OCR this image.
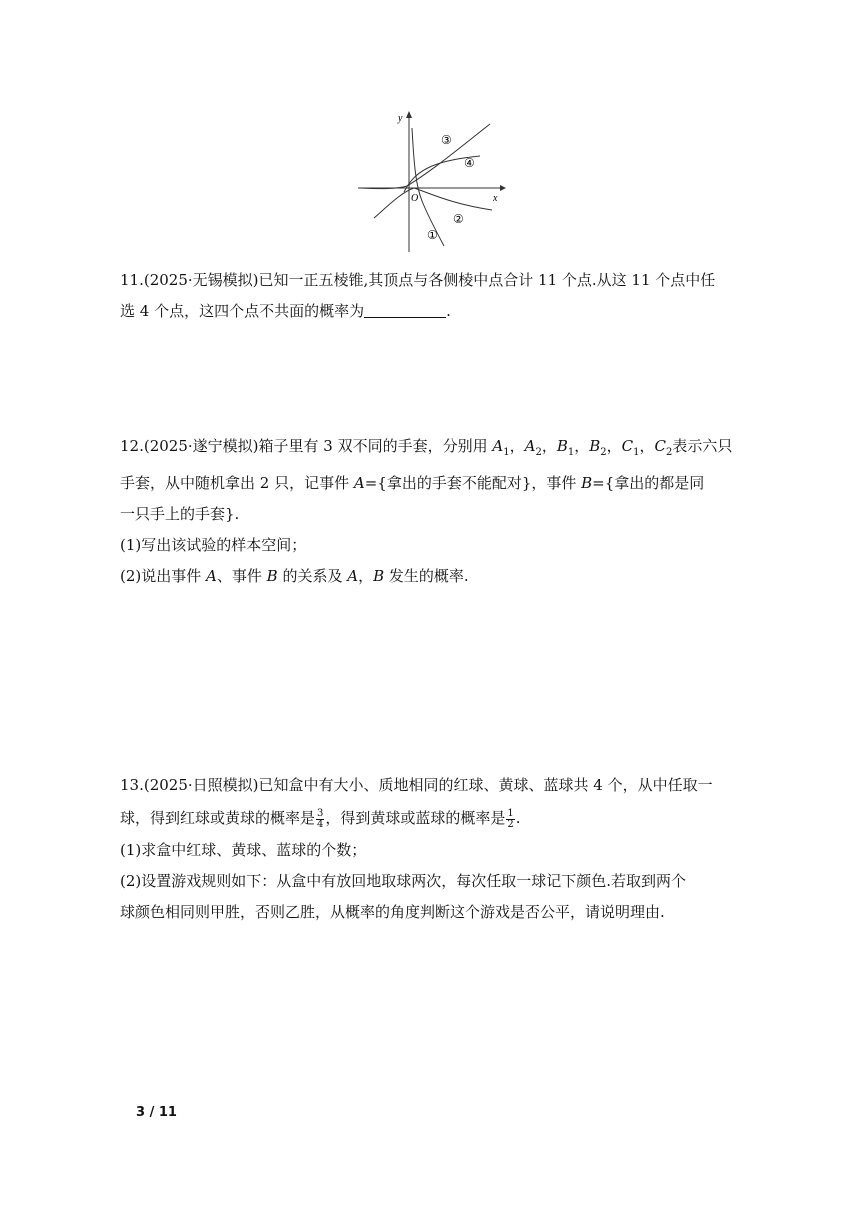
y
x
O
③
④
②
①

11.(2025·无锡模拟)已知一正五棱锥,其顶点与各侧棱中点合计 11 个点.从这 11 个点中任

选 4 个点，这四个点不共面的概率为	.

12.(2025·遂宁模拟)箱子里有 3 双不同的手套，分别用 $A_1$，$A_2$，$B_1$，$B_2$，$C_1$，$C_2$表示六只

手套，从中随机拿出 2 只，记事件 A={拿出的手套不能配对}，事件 B={拿出的都是同

一只手上的手套}.

(1)写出该试验的样本空间；

(2)说出事件 A、事件 B 的关系及 A，B 发生的概率.

13.(2025·日照模拟)已知盒中有大小、质地相同的红球、黄球、蓝球共 4 个，从中任取一

球，得到红球或黄球的概率是 $\frac{3}{4}$ ，得到黄球或蓝球的概率是 $\frac{1}{2}$ .

(1)求盒中红球、黄球、蓝球的个数；

(2)设置游戏规则如下：从盒中有放回地取球两次，每次任取一球记下颜色.若取到两个

球颜色相同则甲胜，否则乙胜，从概率的角度判断这个游戏是否公平，请说明理由.

3 / 11
